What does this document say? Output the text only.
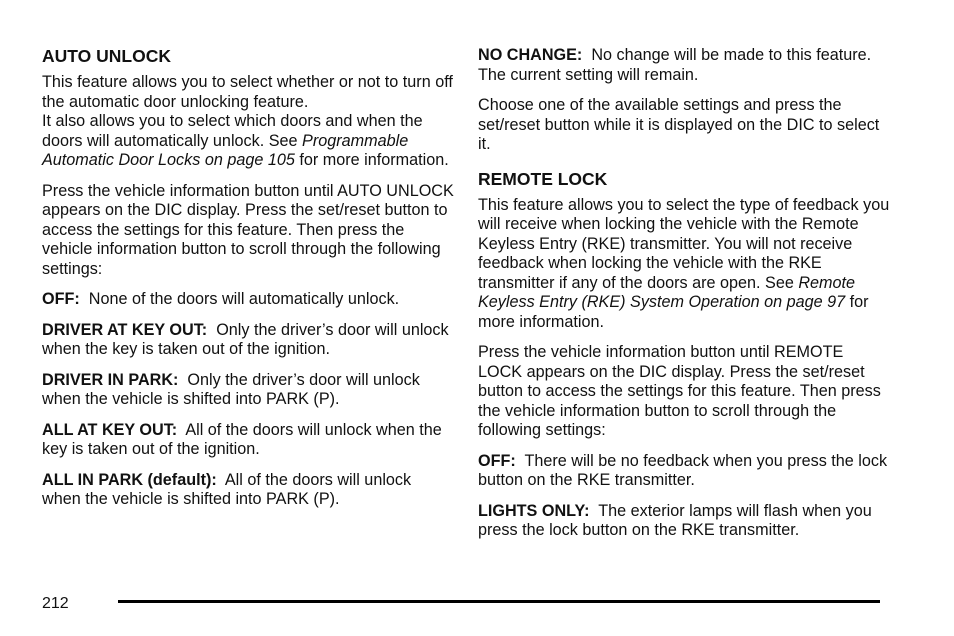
AUTO UNLOCK

This feature allows you to select whether or not to turn off the automatic door unlocking feature.

It also allows you to select which doors and when the doors will automatically unlock. See Programmable Automatic Door Locks on page 105 for more information.

Press the vehicle information button until AUTO UNLOCK appears on the DIC display. Press the set/reset button to access the settings for this feature. Then press the vehicle information button to scroll through the following settings:

OFF: None of the doors will automatically unlock.

DRIVER AT KEY OUT: Only the driver’s door will unlock when the key is taken out of the ignition.

DRIVER IN PARK: Only the driver’s door will unlock when the vehicle is shifted into PARK (P).

ALL AT KEY OUT: All of the doors will unlock when the key is taken out of the ignition.

ALL IN PARK (default): All of the doors will unlock when the vehicle is shifted into PARK (P).

NO CHANGE: No change will be made to this feature. The current setting will remain.

Choose one of the available settings and press the set/reset button while it is displayed on the DIC to select it.

REMOTE LOCK

This feature allows you to select the type of feedback you will receive when locking the vehicle with the Remote Keyless Entry (RKE) transmitter. You will not receive feedback when locking the vehicle with the RKE transmitter if any of the doors are open. See Remote Keyless Entry (RKE) System Operation on page 97 for more information.

Press the vehicle information button until REMOTE LOCK appears on the DIC display. Press the set/reset button to access the settings for this feature. Then press the vehicle information button to scroll through the following settings:

OFF: There will be no feedback when you press the lock button on the RKE transmitter.

LIGHTS ONLY: The exterior lamps will flash when you press the lock button on the RKE transmitter.

212
